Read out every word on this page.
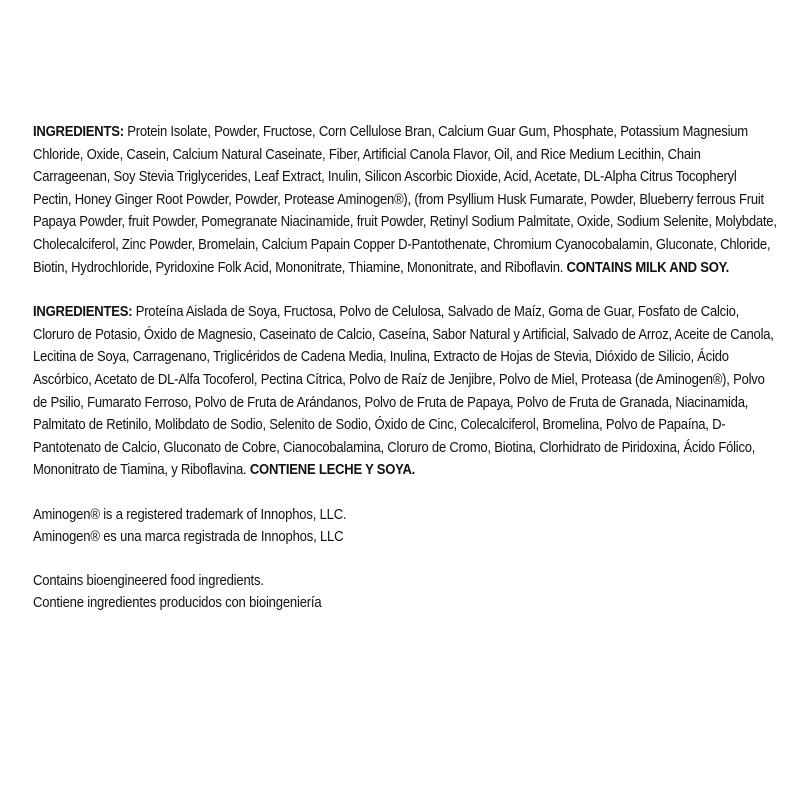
INGREDIENTS: Protein Isolate, Powder, Fructose, Corn Cellulose Bran, Calcium Guar Gum, Phosphate, Potassium Magnesium Chloride, Oxide, Casein, Calcium Natural Caseinate, Fiber, Artificial Canola Flavor, Oil, and Rice Medium Lecithin, Chain Carrageenan, Soy Stevia Triglycerides, Leaf Extract, Inulin, Silicon Ascorbic Dioxide, Acid, Acetate, DL-Alpha Citrus Tocopheryl Pectin, Honey Ginger Root Powder, Powder, Protease Aminogen®), (from Psyllium Husk Fumarate, Powder, Blueberry ferrous Fruit Papaya Powder, fruit Powder, Pomegranate Niacinamide, fruit Powder, Retinyl Sodium Palmitate, Oxide, Sodium Selenite, Molybdate, Cholecalciferol, Zinc Powder, Bromelain, Calcium Papain Copper D-Pantothenate, Chromium Cyanocobalamin, Gluconate, Chloride, Biotin, Hydrochloride, Pyridoxine Folk Acid, Mononitrate, Thiamine, Mononitrate, and Riboflavin. CONTAINS MILK AND SOY.

INGREDIENTES: Proteína Aislada de Soya, Fructosa, Polvo de Celulosa, Salvado de Maíz, Goma de Guar, Fosfato de Calcio, Cloruro de Potasio, Óxido de Magnesio, Caseinato de Calcio, Caseína, Sabor Natural y Artificial, Salvado de Arroz, Aceite de Canola, Lecitina de Soya, Carragenano, Triglicéridos de Cadena Media, Inulina, Extracto de Hojas de Stevia, Dióxido de Silicio, Ácido Ascórbico, Acetato de DL-Alfa Tocoferol, Pectina Cítrica, Polvo de Raíz de Jenjibre, Polvo de Miel, Proteasa (de Aminogen®), Polvo de Psilio, Fumarato Ferroso, Polvo de Fruta de Arándanos, Polvo de Fruta de Papaya, Polvo de Fruta de Granada, Niacinamida, Palmitato de Retinilo, Molibdato de Sodio, Selenito de Sodio, Óxido de Cinc, Colecalciferol, Bromelina, Polvo de Papaína, D-Pantotenato de Calcio, Gluconato de Cobre, Cianocobalamina, Cloruro de Cromo, Biotina, Clorhidrato de Piridoxina, Ácido Fólico, Mononitrato de Tiamina, y Riboflavina. CONTIENE LECHE Y SOYA.

Aminogen® is a registered trademark of Innophos, LLC.

Aminogen® es una marca registrada de Innophos, LLC

Contains bioengineered food ingredients.

Contiene ingredientes producidos con bioingeniería
